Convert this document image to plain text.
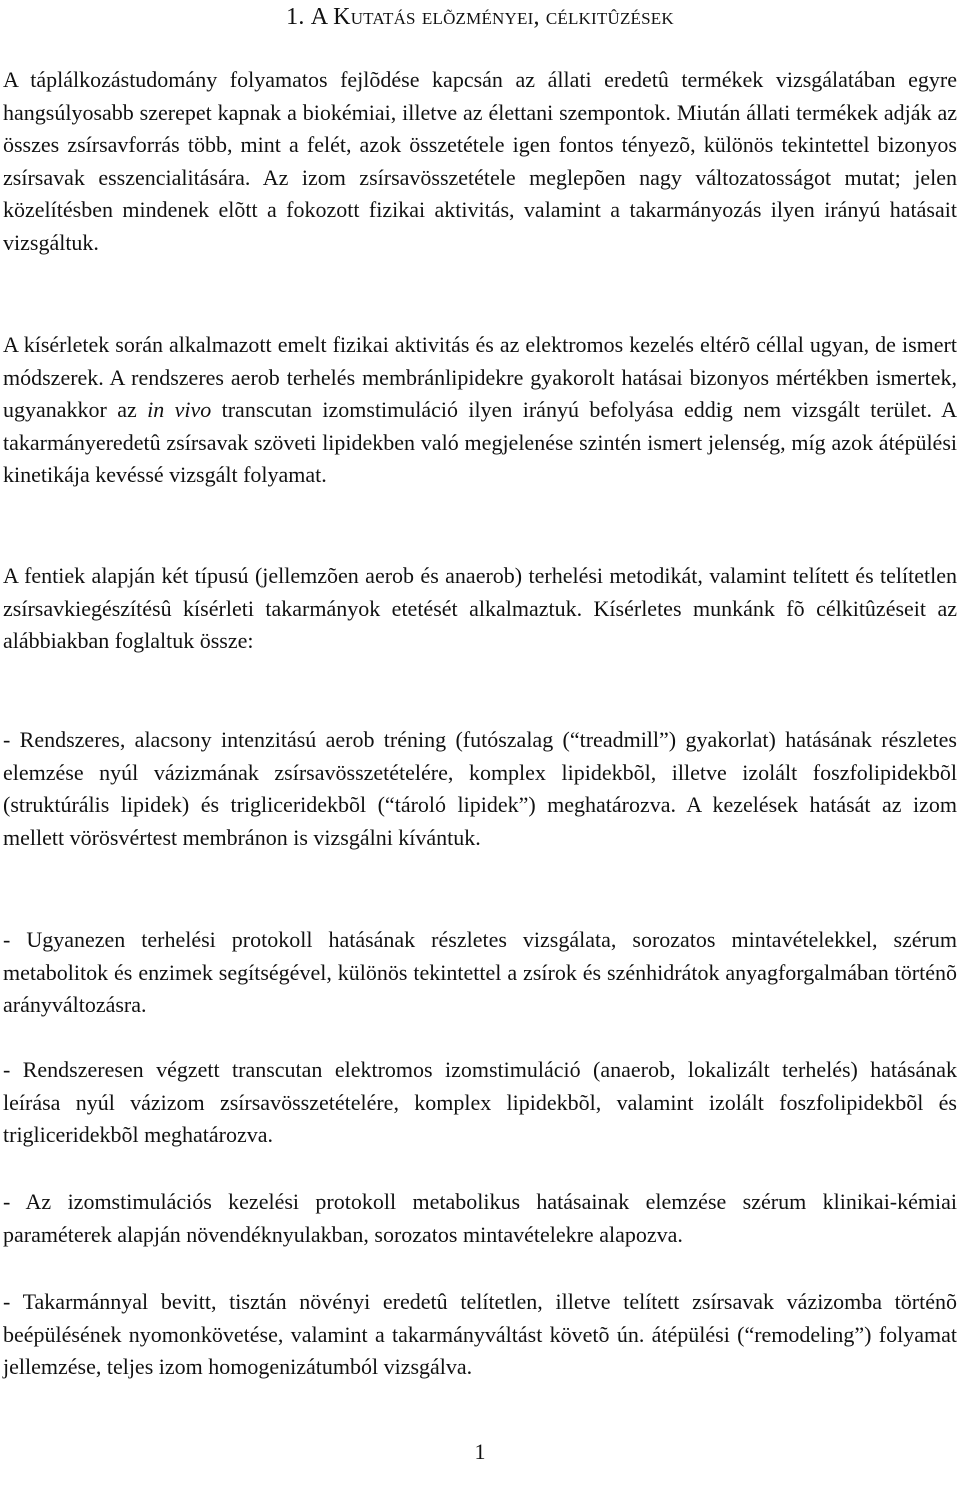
1. A Kutatás elõzményei, célkitûzések

A táplálkozástudomány folyamatos fejlõdése kapcsán az állati eredetû termékek vizsgálatában egyre hangsúlyosabb szerepet kapnak a biokémiai, illetve az élettani szempontok. Miután állati termékek adják az összes zsírsavforrás több, mint a felét, azok összetétele igen fontos tényezõ, különös tekintettel bizonyos zsírsavak esszencialitására. Az izom zsírsavösszetétele meglepõen nagy változatosságot mutat; jelen közelítésben mindenek elõtt a fokozott fizikai aktivitás, valamint a takarmányozás ilyen irányú hatásait vizsgáltuk.

A kísérletek során alkalmazott emelt fizikai aktivitás és az elektromos kezelés eltérõ céllal ugyan, de ismert módszerek. A rendszeres aerob terhelés membránlipidekre gyakorolt hatásai bizonyos mértékben ismertek, ugyanakkor az in vivo transcutan izomstimuláció ilyen irányú befolyása eddig nem vizsgált terület. A takarmányeredetû zsírsavak szöveti lipidekben való megjelenése szintén ismert jelenség, míg azok átépülési kinetikája kevéssé vizsgált folyamat.

A fentiek alapján két típusú (jellemzõen aerob és anaerob) terhelési metodikát, valamint telített és telítetlen zsírsavkiegészítésû kísérleti takarmányok etetését alkalmaztuk. Kísérletes munkánk fõ célkitûzéseit az alábbiakban foglaltuk össze:

- Rendszeres, alacsony intenzitású aerob tréning (futószalag (“treadmill”) gyakorlat) hatásának részletes elemzése nyúl vázizmának zsírsavösszetételére, komplex lipidekbõl, illetve izolált foszfolipidekbõl (struktúrális lipidek) és trigliceridekbõl (“tároló lipidek”) meghatározva. A kezelések hatását az izom mellett vörösvértest membránon is vizsgálni kívántuk.

- Ugyanezen terhelési protokoll hatásának részletes vizsgálata, sorozatos mintavételekkel, szérum metabolitok és enzimek segítségével, különös tekintettel a zsírok és szénhidrátok anyagforgalmában történõ arányváltozásra.

- Rendszeresen végzett transcutan elektromos izomstimuláció (anaerob, lokalizált terhelés) hatásának leírása nyúl vázizom zsírsavösszetételére, komplex lipidekbõl, valamint izolált foszfolipidekbõl és trigliceridekbõl meghatározva.

- Az izomstimulációs kezelési protokoll metabolikus hatásainak elemzése szérum klinikai-kémiai paraméterek alapján növendéknyulakban, sorozatos mintavételekre alapozva.

- Takarmánnyal bevitt, tisztán növényi eredetû telítetlen, illetve telített zsírsavak vázizomba történõ beépülésének nyomonkövetése, valamint a takarmányváltást követõ ún. átépülési (“remodeling”) folyamat jellemzése, teljes izom homogenizátumból vizsgálva.

1
